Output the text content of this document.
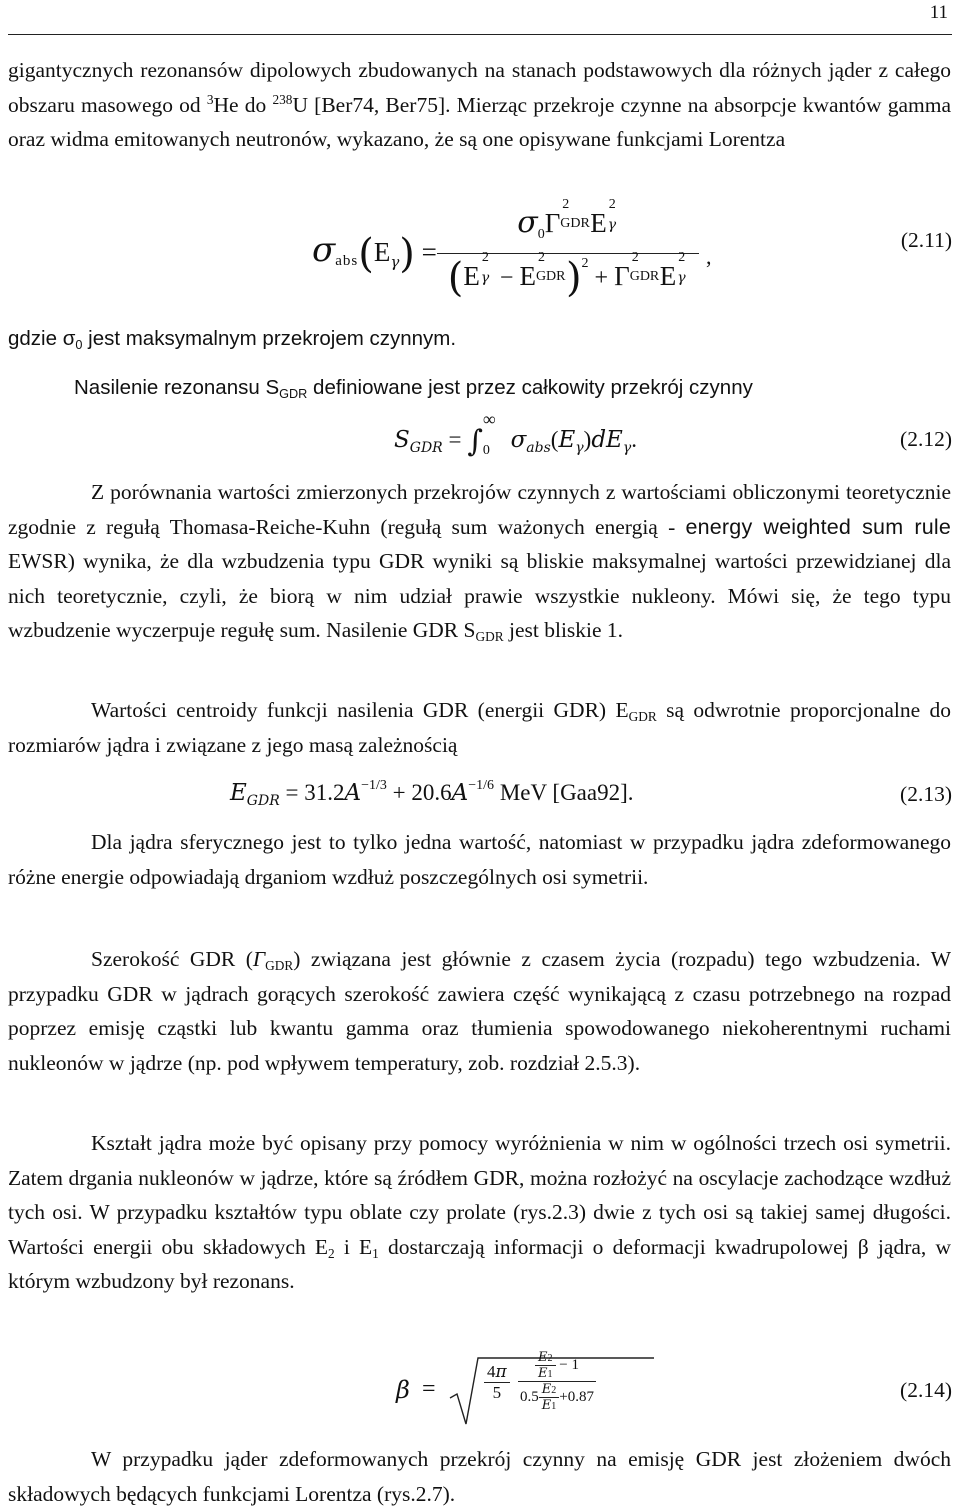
11

gigantycznych rezonansów dipolowych zbudowanych na stanach podstawowych dla różnych jąder z całego obszaru masowego od $^3$He do $^{238}$U [Ber74, Ber75]. Mierząc przekroje czynne na absorpcje kwantów gamma oraz widma emitowanych neutronów, wykazano, że są one opisywane funkcjami Lorentza

$\sigma abs(E_\gamma)$ =
$\sigma_0\Gamma$
2
GDR E
2
γ
(E
2
γ − E
2
GDR )$^2$ + Γ
2
GDR E
2
γ
,
(2.11)
gdzie $\sigma_0$ jest maksymalnym przekrojem czynnym.
Nasilenie rezonansu $S_{GDR}$ definiowane jest przez całkowity przekrój czynny
$S_{GDR}$ = ∫
∞
0 $\sigma_{abs}(E_\gamma)dE_\gamma$.	(2.12)

Z porównania wartości zmierzonych przekrojów czynnych z wartościami obliczonymi teoretycznie zgodnie z regułą Thomasa-Reiche-Kuhn (regułą sum ważonych energią - energy weighted sum rule EWSR) wynika, że dla wzbudzenia typu GDR wyniki są bliskie maksymalnej wartości przewidzianej dla nich teoretycznie, czyli, że biorą w nim udział prawie wszystkie nukleony. Mówi się, że tego typu wzbudzenie wyczerpuje regułę sum. Nasilenie GDR $S_{GDR}$ jest bliskie 1.

Wartości centroidy funkcji nasilenia GDR (energii GDR) $E_{GDR}$ są odwrotnie proporcjonalne do rozmiarów jądra i związane z jego masą zależnością

$E_{GDR} = 31.2A^{-1/3} + 20.6A^{-1/6}$ MeV [Gaa92].	(2.13)

Dla jądra sferycznego jest to tylko jedna wartość, natomiast w przypadku jądra zdeformowanego różne energie odpowiadają drganiom wzdłuż poszczególnych osi symetrii.

Szerokość GDR $(\Gamma_{GDR})$ związana jest głównie z czasem życia (rozpadu) tego wzbudzenia. W przypadku GDR w jądrach gorących szerokość zawiera część wynikającą z czasu potrzebnego na rozpad poprzez emisję cząstki lub kwantu gamma oraz tłumienia spowodowanego niekoherentnymi ruchami nukleonów w jądrze (np. pod wpływem temperatury, zob. rozdział 2.5.3).

Kształt jądra może być opisany przy pomocy wyróżnienia w nim w ogólności trzech osi symetrii. Zatem drgania nukleonów w jądrze, które są źródłem GDR, można rozłożyć na oscylacje zachodzące wzdłuż tych osi. W przypadku kształtów typu oblate czy prolate (rys.2.3) dwie z tych osi są takiej samej długości. Wartości energii obu składowych $E_2$ i $E_1$ dostarczają informacji o deformacji kwadrupolowej β jądra, w którym wzbudzony był rezonans.

β =	$\frac{4\pi}{5} \frac{\frac{E2}{E1} - 1}{0.5 \frac{E2}{E1} +0.87}$	(2.14)

W przypadku jąder zdeformowanych przekrój czynny na emisję GDR jest złożeniem dwóch składowych będących funkcjami Lorentza (rys.2.7).
